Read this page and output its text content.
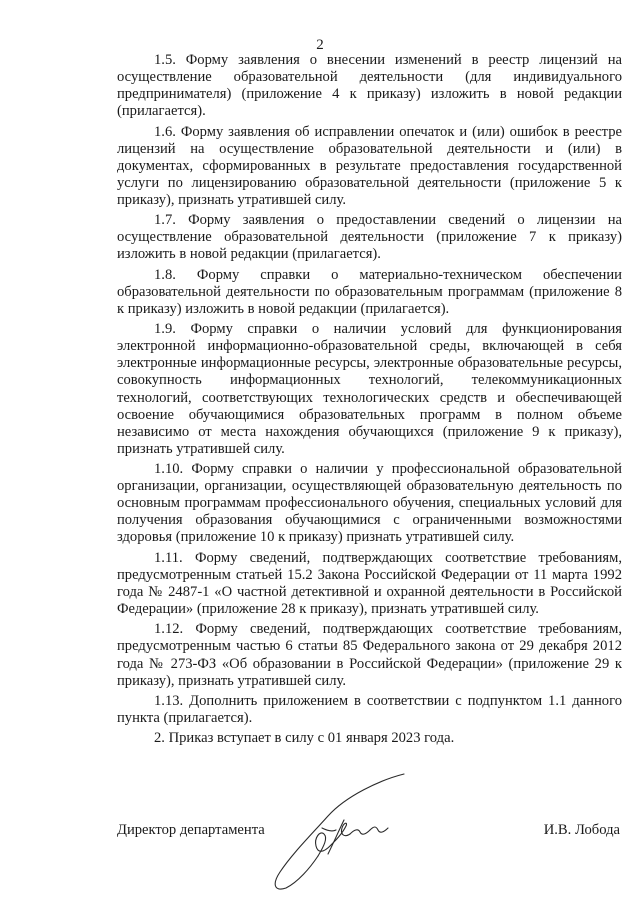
2

1.5. Форму заявления о внесении изменений в реестр лицензий на осуществление образовательной деятельности (для индивидуального предпринимателя) (приложение 4 к приказу) изложить в новой редакции (прилагается).

1.6. Форму заявления об исправлении опечаток и (или) ошибок в реестре лицензий на осуществление образовательной деятельности и (или) в документах, сформированных в результате предоставления государственной услуги по лицензированию образовательной деятельности (приложение 5 к приказу), признать утратившей силу.

1.7. Форму заявления о предоставлении сведений о лицензии на осуществление образовательной деятельности (приложение 7 к приказу) изложить в новой редакции (прилагается).

1.8. Форму справки о материально-техническом обеспечении образовательной деятельности по образовательным программам (приложение 8 к приказу) изложить в новой редакции (прилагается).

1.9. Форму справки о наличии условий для функционирования электронной информационно-образовательной среды, включающей в себя электронные информационные ресурсы, электронные образовательные ресурсы, совокупность информационных технологий, телекоммуникационных технологий, соответствующих технологических средств и обеспечивающей освоение обучающимися образовательных программ в полном объеме независимо от места нахождения обучающихся (приложение 9 к приказу), признать утратившей силу.

1.10. Форму справки о наличии у профессиональной образовательной организации, организации, осуществляющей образовательную деятельность по основным программам профессионального обучения, специальных условий для получения образования обучающимися с ограниченными возможностями здоровья (приложение 10 к приказу) признать утратившей силу.

1.11. Форму сведений, подтверждающих соответствие требованиям, предусмотренным статьей 15.2 Закона Российской Федерации от 11 марта 1992 года № 2487-1 «О частной детективной и охранной деятельности в Российской Федерации» (приложение 28 к приказу), признать утратившей силу.

1.12. Форму сведений, подтверждающих соответствие требованиям, предусмотренным частью 6 статьи 85 Федерального закона от 29 декабря 2012 года № 273-ФЗ «Об образовании в Российской Федерации» (приложение 29 к приказу), признать утратившей силу.

1.13. Дополнить приложением в соответствии с подпунктом 1.1 данного пункта (прилагается).

2. Приказ вступает в силу с 01 января 2023 года.

Директор департамента	И.В. Лобода
